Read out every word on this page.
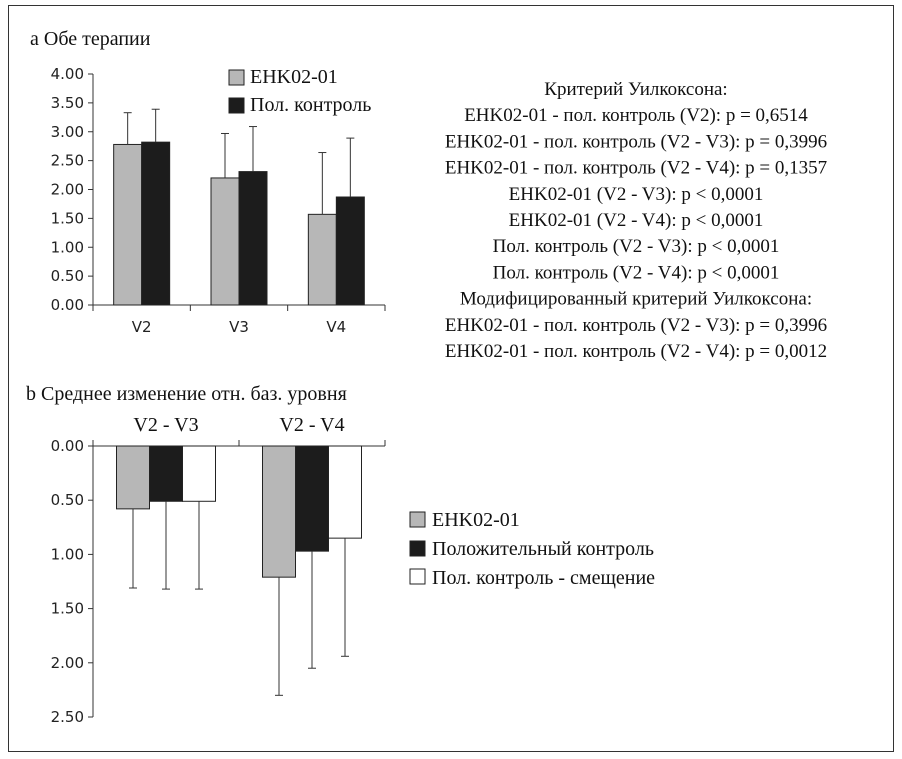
a Обе терапии
b Среднее изменение отн. баз. уровня
EHK02-01
Пол. контроль
EHK02-01
Положительный контроль
Пол. контроль - смещение
Критерий Уилкоксона:
EHK02-01 - пол. контроль (V2): p = 0,6514
EHK02-01 - пол. контроль (V2 - V3): p = 0,3996
EHK02-01 - пол. контроль (V2 - V4): p = 0,1357
EHK02-01 (V2 - V3): p < 0,0001
EHK02-01 (V2 - V4): p < 0,0001
Пол. контроль (V2 - V3): p < 0,0001
Пол. контроль (V2 - V4): p < 0,0001
Модифицированный критерий Уилкоксона:
EHK02-01 - пол. контроль (V2 - V3): p = 0,3996
EHK02-01 - пол. контроль (V2 - V4): p = 0,0012
4.00
3.50
3.00
2.50
2.00
1.50
1.00
0.50
0.00
V2	V3	V4
0.00
0.50
1.00
1.50
2.00
2.50
V2 - V3	V2 - V4
